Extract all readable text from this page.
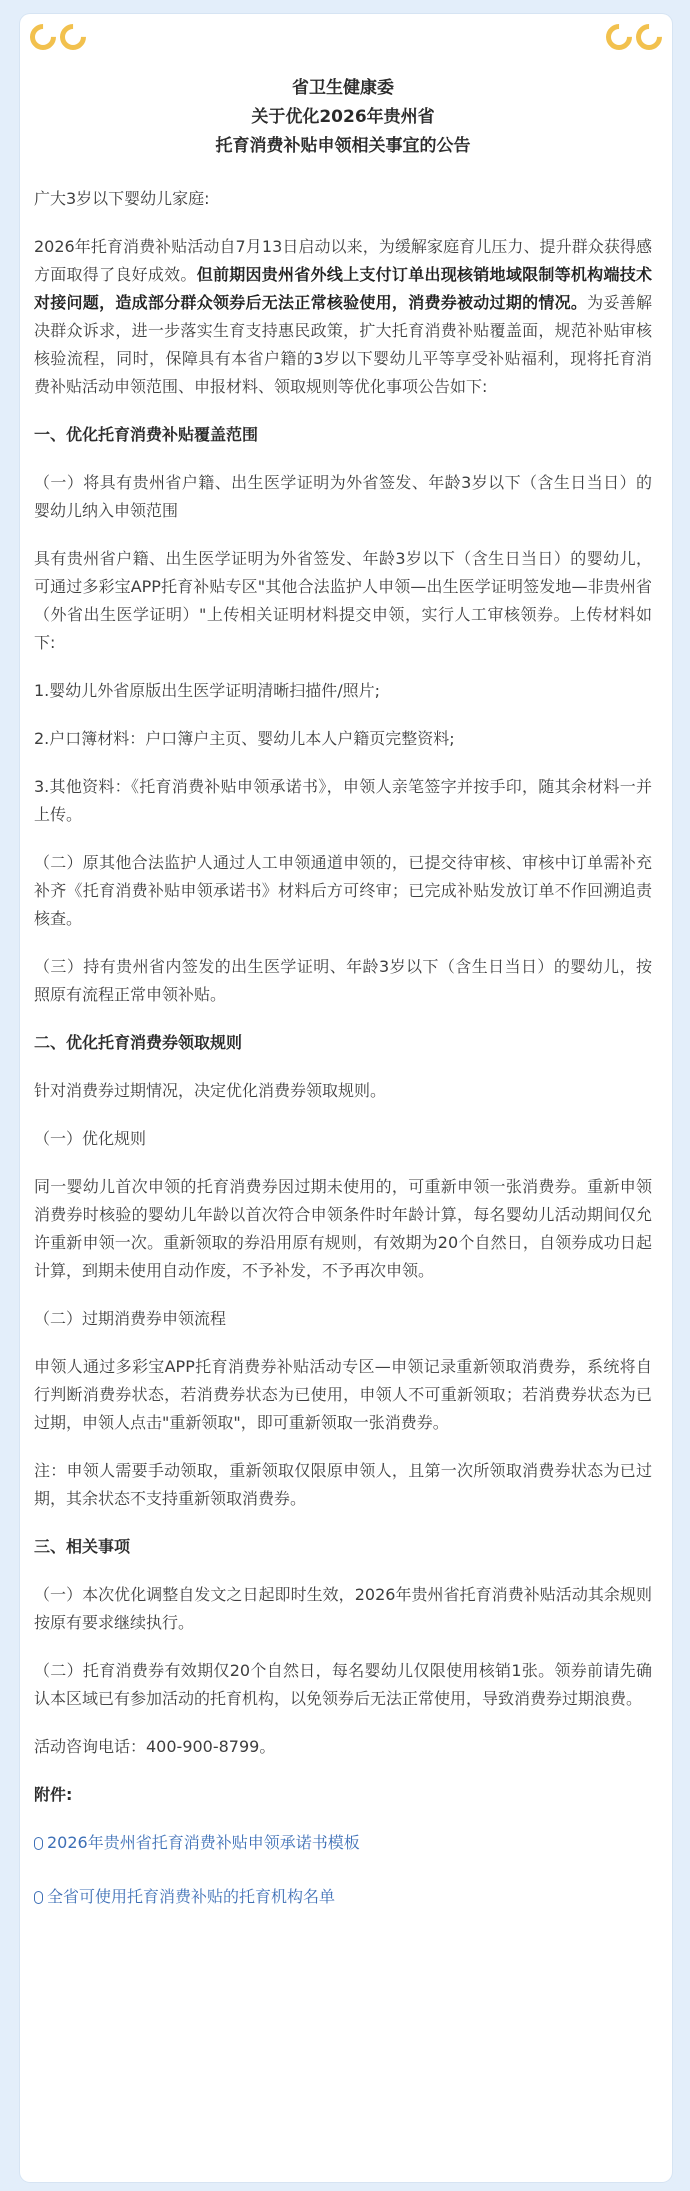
省卫生健康委
关于优化2026年贵州省
托育消费补贴申领相关事宜的公告

广大3岁以下婴幼儿家庭:

2026年托育消费补贴活动自7月13日启动以来，为缓解家庭育儿压力、提升群众获得感方面取得了良好成效。但前期因贵州省外线上支付订单出现核销地域限制等机构端技术对接问题，造成部分群众领券后无法正常核验使用，消费券被动过期的情况。为妥善解决群众诉求，进一步落实生育支持惠民政策，扩大托育消费补贴覆盖面，规范补贴审核核验流程，同时，保障具有本省户籍的3岁以下婴幼儿平等享受补贴福利，现将托育消费补贴活动申领范围、申报材料、领取规则等优化事项公告如下:

一、优化托育消费补贴覆盖范围

（一）将具有贵州省户籍、出生医学证明为外省签发、年龄3岁以下（含生日当日）的婴幼儿纳入申领范围

具有贵州省户籍、出生医学证明为外省签发、年龄3岁以下（含生日当日）的婴幼儿，可通过多彩宝APP托育补贴专区"其他合法监护人申领—出生医学证明签发地—非贵州省（外省出生医学证明）"上传相关证明材料提交申领，实行人工审核领券。上传材料如下:

1.婴幼儿外省原版出生医学证明清晰扫描件/照片;

2.户口簿材料：户口簿户主页、婴幼儿本人户籍页完整资料;

3.其他资料：《托育消费补贴申领承诺书》，申领人亲笔签字并按手印，随其余材料一并上传。

（二）原其他合法监护人通过人工申领通道申领的，已提交待审核、审核中订单需补充补齐《托育消费补贴申领承诺书》材料后方可终审；已完成补贴发放订单不作回溯追责核查。

（三）持有贵州省内签发的出生医学证明、年龄3岁以下（含生日当日）的婴幼儿，按照原有流程正常申领补贴。

二、优化托育消费券领取规则

针对消费券过期情况，决定优化消费券领取规则。

（一）优化规则

同一婴幼儿首次申领的托育消费券因过期未使用的，可重新申领一张消费券。重新申领消费券时核验的婴幼儿年龄以首次符合申领条件时年龄计算，每名婴幼儿活动期间仅允许重新申领一次。重新领取的券沿用原有规则，有效期为20个自然日，自领券成功日起计算，到期未使用自动作废，不予补发，不予再次申领。

（二）过期消费券申领流程

申领人通过多彩宝APP托育消费券补贴活动专区—申领记录重新领取消费券，系统将自行判断消费券状态，若消费券状态为已使用，申领人不可重新领取；若消费券状态为已过期，申领人点击"重新领取"，即可重新领取一张消费券。

注：申领人需要手动领取，重新领取仅限原申领人，且第一次所领取消费券状态为已过期，其余状态不支持重新领取消费券。

三、相关事项

（一）本次优化调整自发文之日起即时生效，2026年贵州省托育消费补贴活动其余规则按原有要求继续执行。

（二）托育消费券有效期仅20个自然日，每名婴幼儿仅限使用核销1张。领券前请先确认本区域已有参加活动的托育机构，以免领券后无法正常使用，导致消费券过期浪费。

活动咨询电话：400-900-8799。

附件:

2026年贵州省托育消费补贴申领承诺书模板
全省可使用托育消费补贴的托育机构名单
